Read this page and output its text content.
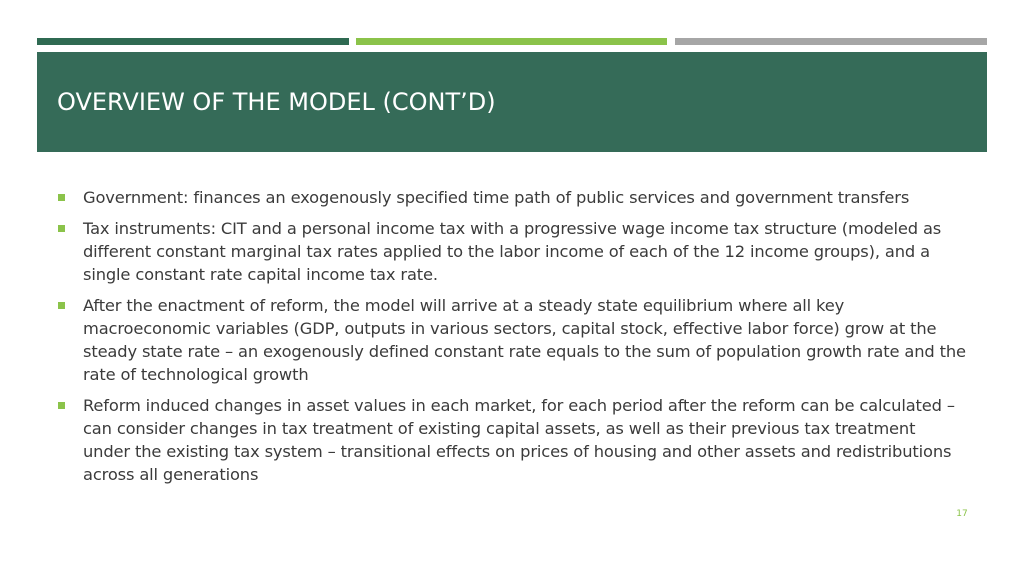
OVERVIEW OF THE MODEL (CONT’D)
Government: finances an exogenously specified time path of public services and government transfers
Tax instruments: CIT and a personal income tax with a progressive wage income tax structure (modeled as different constant marginal tax rates applied to the labor income of each of the 12 income groups), and a single constant rate capital income tax rate.
After the enactment of reform, the model will arrive at a steady state equilibrium where all key macroeconomic variables (GDP, outputs in various sectors, capital stock, effective labor force) grow at the steady state rate – an exogenously defined constant rate equals to the sum of population growth rate and the rate of technological growth
Reform induced changes in asset values in each market, for each period after the reform can be calculated – can consider changes in tax treatment of existing capital assets, as well as their previous tax treatment under the existing tax system – transitional effects on prices of housing and other assets and redistributions across all generations
17
